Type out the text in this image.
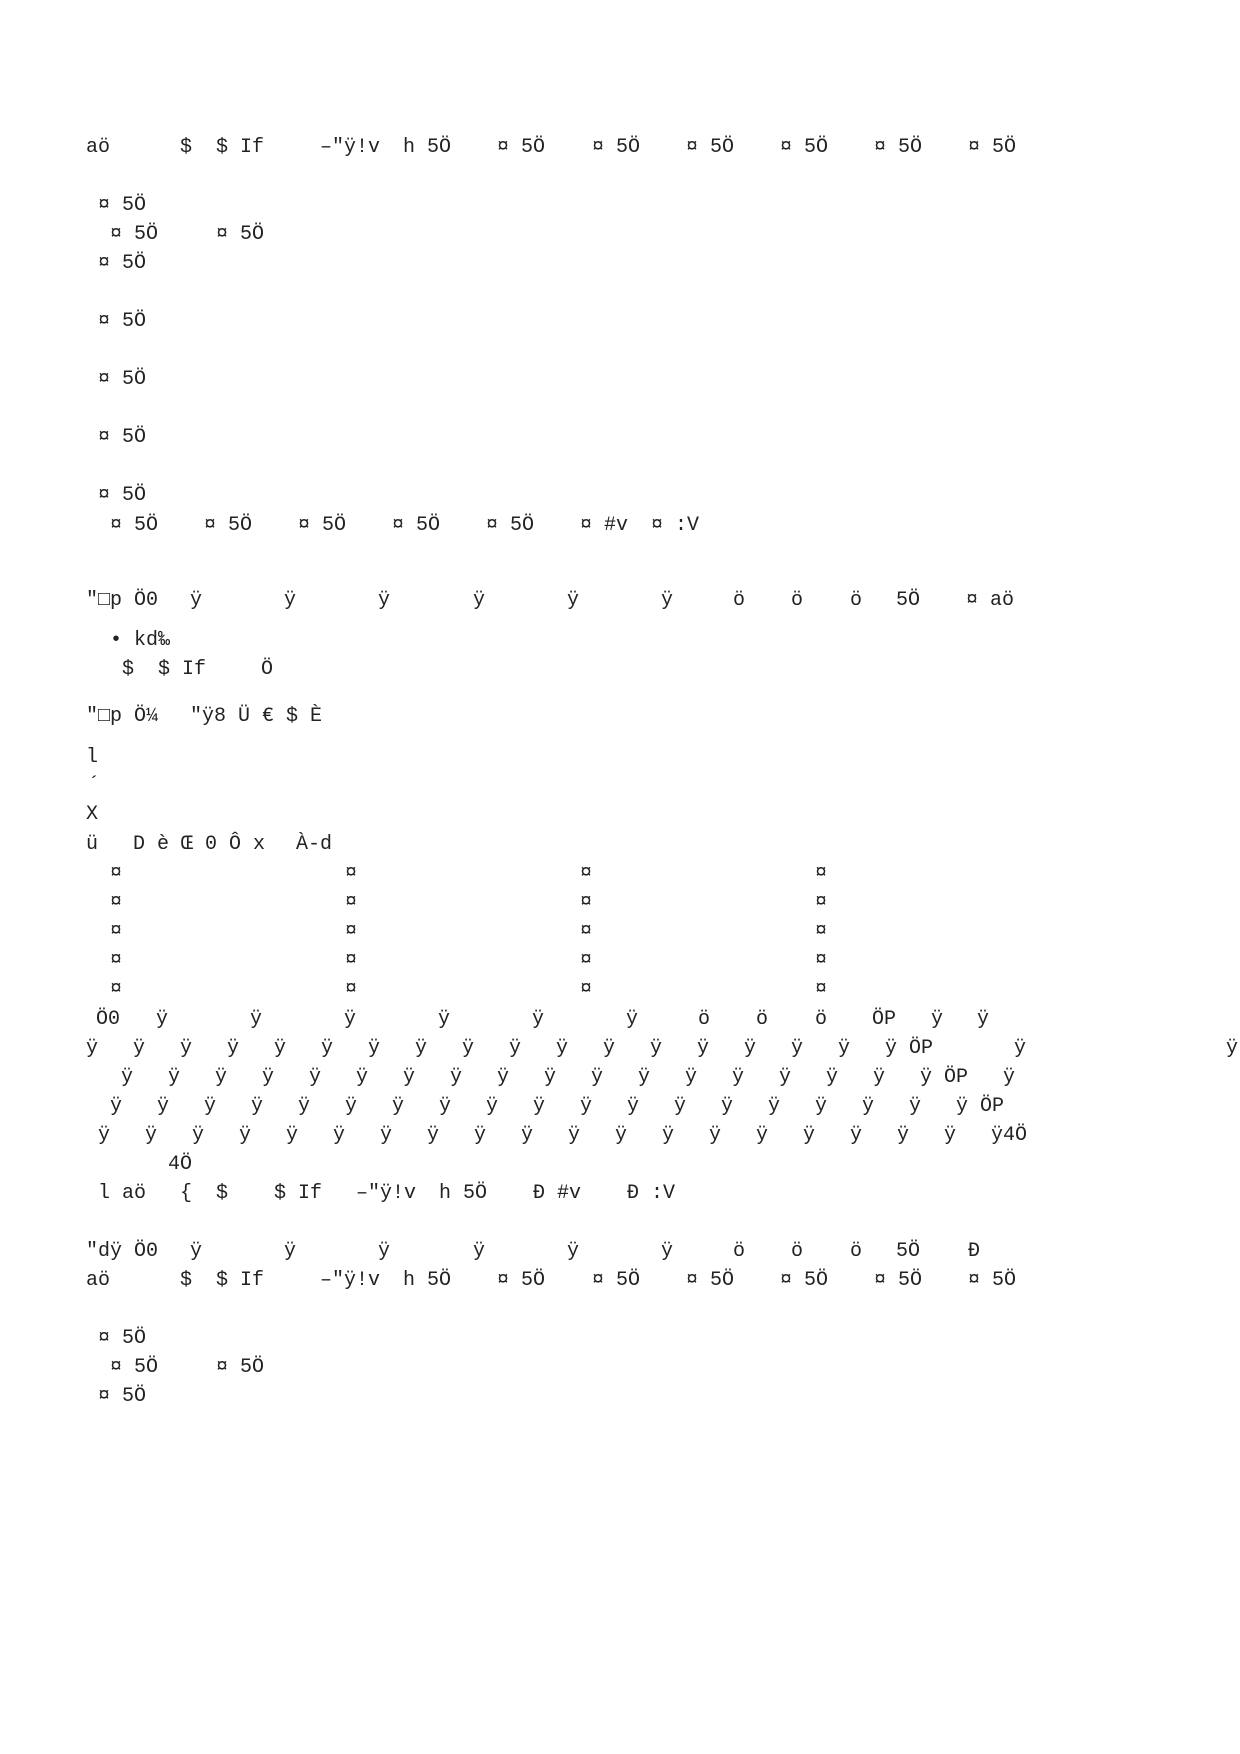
aö	$ $ If	–"ÿ!v h 5Ö ¤ 5Ö ¤ 5Ö ¤ 5Ö ¤ 5Ö ¤ 5Ö ¤ 5Ö
¤ 5Ö
¤ 5Ö	¤ 5Ö
¤ 5Ö
¤ 5Ö
¤ 5Ö
¤ 5Ö
¤ 5Ö
¤ 5Ö ¤ 5Ö ¤ 5Ö ¤ 5Ö ¤ 5Ö ¤ #v ¤ :V
"□p Ö0 ÿ	ÿ	ÿ	ÿ	ÿ	ÿ	ö ö ö 5Ö ¤ aö
• kd‰
$ $ If	Ö
"□p Ö¼ "ÿ8 Ü € $ È
l
´
X
ü D è Œ 0 Ô x À-d
¤	¤	¤	¤
¤	¤	¤	¤
¤	¤	¤	¤
¤	¤	¤	¤
¤	¤	¤	¤
Ö0 ÿ	ÿ	ÿ	ÿ	ÿ	ÿ	ö ö ö ÖP ÿ ÿ
ÿ ÿ ÿ ÿ ÿ ÿ ÿ ÿ ÿ ÿ ÿ ÿ ÿ ÿ ÿ ÿ ÿ ÿ ÖP	ÿ	ÿ
ÿ ÿ ÿ ÿ ÿ ÿ ÿ ÿ ÿ ÿ ÿ ÿ ÿ ÿ ÿ ÿ ÿ ÿ ÖP ÿ
ÿ ÿ ÿ ÿ ÿ ÿ ÿ ÿ ÿ ÿ ÿ ÿ ÿ ÿ ÿ ÿ ÿ ÿ ÿ ÖP
ÿ ÿ ÿ ÿ ÿ ÿ ÿ ÿ ÿ ÿ ÿ ÿ ÿ ÿ ÿ ÿ ÿ ÿ ÿ ÿ4Ö
4Ö
l aö { $ $ If –"ÿ!v h 5Ö Ð #v Ð :V
"dÿ Ö0 ÿ	ÿ	ÿ	ÿ	ÿ	ÿ	ö ö ö 5Ö Ð
aö	$ $ If	–"ÿ!v h 5Ö ¤ 5Ö ¤ 5Ö ¤ 5Ö ¤ 5Ö ¤ 5Ö ¤ 5Ö
¤ 5Ö
¤ 5Ö	¤ 5Ö
¤ 5Ö
